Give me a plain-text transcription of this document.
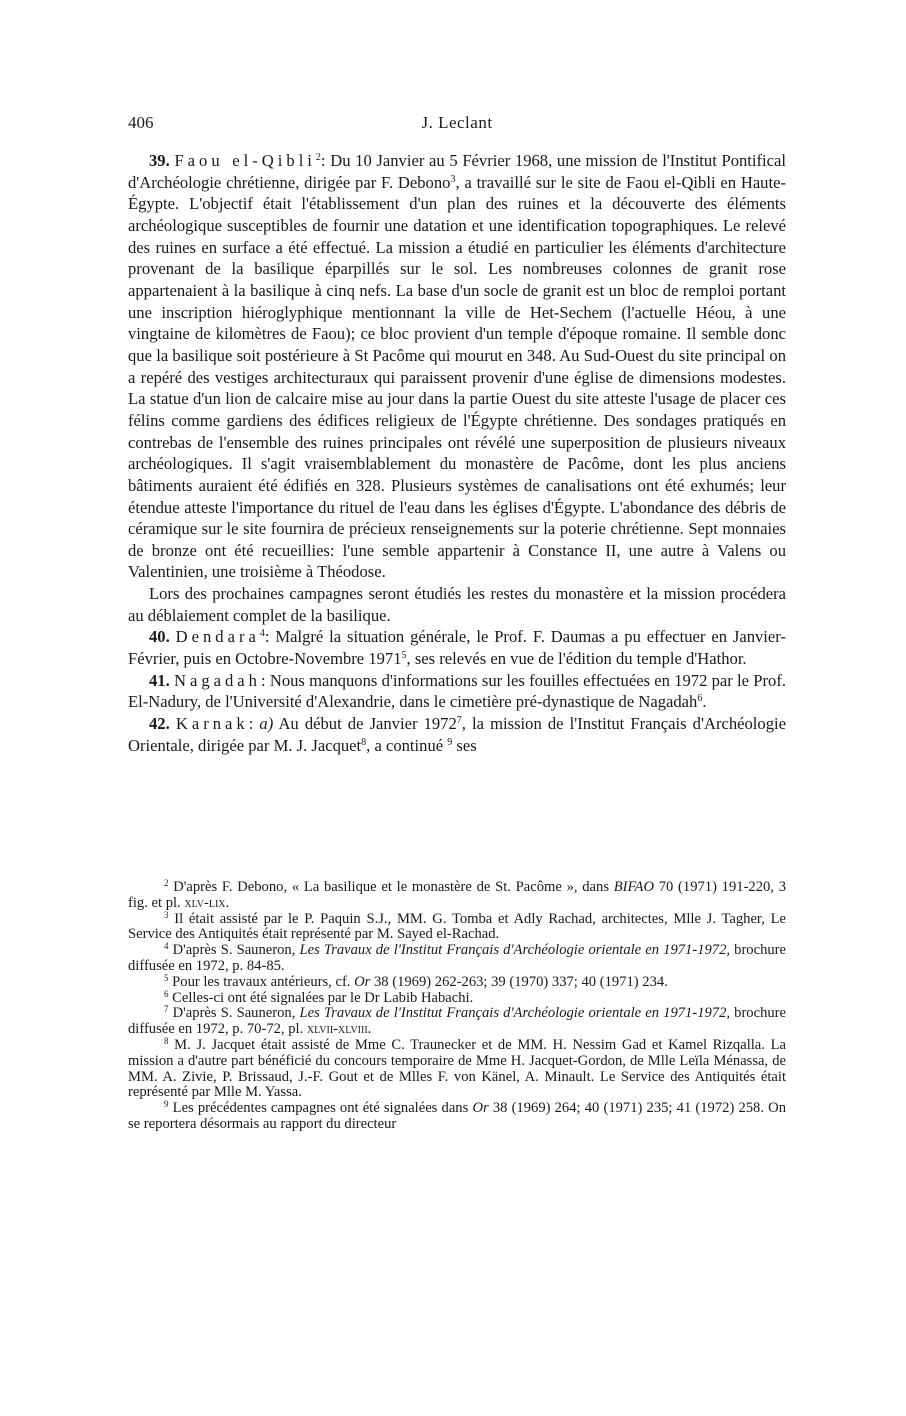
406	J. Leclant

39. Faou el-Qibli$^2$: Du 10 Janvier au 5 Février 1968, une mission de l'Institut Pontifical d'Archéologie chrétienne, dirigée par F. Debono$^3$, a travaillé sur le site de Faou el-Qibli en Haute-Égypte. L'objectif était l'établissement d'un plan des ruines et la découverte des éléments archéologique susceptibles de fournir une datation et une identification topographiques. Le relevé des ruines en surface a été effectué. La mission a étudié en particulier les éléments d'architecture provenant de la basilique éparpillés sur le sol. Les nombreuses colonnes de granit rose appartenaient à la basilique à cinq nefs. La base d'un socle de granit est un bloc de remploi portant une inscription hiéroglyphique mentionnant la ville de Het-Sechem (l'actuelle Héou, à une vingtaine de kilomètres de Faou); ce bloc provient d'un temple d'époque romaine. Il semble donc que la basilique soit postérieure à St Pacôme qui mourut en 348. Au Sud-Ouest du site principal on a repéré des vestiges architecturaux qui paraissent provenir d'une église de dimensions modestes. La statue d'un lion de calcaire mise au jour dans la partie Ouest du site atteste l'usage de placer ces félins comme gardiens des édifices religieux de l'Égypte chrétienne. Des sondages pratiqués en contrebas de l'ensemble des ruines principales ont révélé une superposition de plusieurs niveaux archéologiques. Il s'agit vraisemblablement du monastère de Pacôme, dont les plus anciens bâtiments auraient été édifiés en 328. Plusieurs systèmes de canalisations ont été exhumés; leur étendue atteste l'importance du rituel de l'eau dans les églises d'Égypte. L'abondance des débris de céramique sur le site fournira de précieux renseignements sur la poterie chrétienne. Sept monnaies de bronze ont été recueillies: l'une semble appartenir à Constance II, une autre à Valens ou Valentinien, une troisième à Théodose.

Lors des prochaines campagnes seront étudiés les restes du monastère et la mission procédera au déblaiement complet de la basilique.

40. Dendara$^4$: Malgré la situation générale, le Prof. F. Daumas a pu effectuer en Janvier-Février, puis en Octobre-Novembre 1971$^5$, ses relevés en vue de l'édition du temple d'Hathor.

41. Nagadah: Nous manquons d'informations sur les fouilles effectuées en 1972 par le Prof. El-Nadury, de l'Université d'Alexandrie, dans le cimetière pré-dynastique de Nagadah$^6$.

42. Karnak: a) Au début de Janvier 1972$^7$, la mission de l'Institut Français d'Archéologie Orientale, dirigée par M. J. Jacquet$^8$, a continué $^9$ ses

$^2$ D'après F. Debono, « La basilique et le monastère de St. Pacôme », dans BIFAO 70 (1971) 191-220, 3 fig. et pl. xlv-lix.

$^3$ Il était assisté par le P. Paquin S.J., MM. G. Tomba et Adly Rachad, architectes, Mlle J. Tagher, Le Service des Antiquités était représenté par M. Sayed el-Rachad.

$^4$ D'après S. Sauneron, Les Travaux de l'Institut Français d'Archéologie orientale en 1971-1972, brochure diffusée en 1972, p. 84-85.

$^5$ Pour les travaux antérieurs, cf. Or 38 (1969) 262-263; 39 (1970) 337; 40 (1971) 234.

$^6$ Celles-ci ont été signalées par le Dr Labib Habachi.

$^7$ D'après S. Sauneron, Les Travaux de l'Institut Français d'Archéologie orientale en 1971-1972, brochure diffusée en 1972, p. 70-72, pl. xlvii-xlviii.

$^8$ M. J. Jacquet était assisté de Mme C. Traunecker et de MM. H. Nessim Gad et Kamel Rizqalla. La mission a d'autre part bénéficié du concours temporaire de Mme H. Jacquet-Gordon, de Mlle Leïla Ménassa, de MM. A. Zivie, P. Brissaud, J.-F. Gout et de Mlles F. von Känel, A. Minault. Le Service des Antiquités était représenté par Mlle M. Yassa.

$^9$ Les précédentes campagnes ont été signalées dans Or 38 (1969) 264; 40 (1971) 235; 41 (1972) 258. On se reportera désormais au rapport du directeur
